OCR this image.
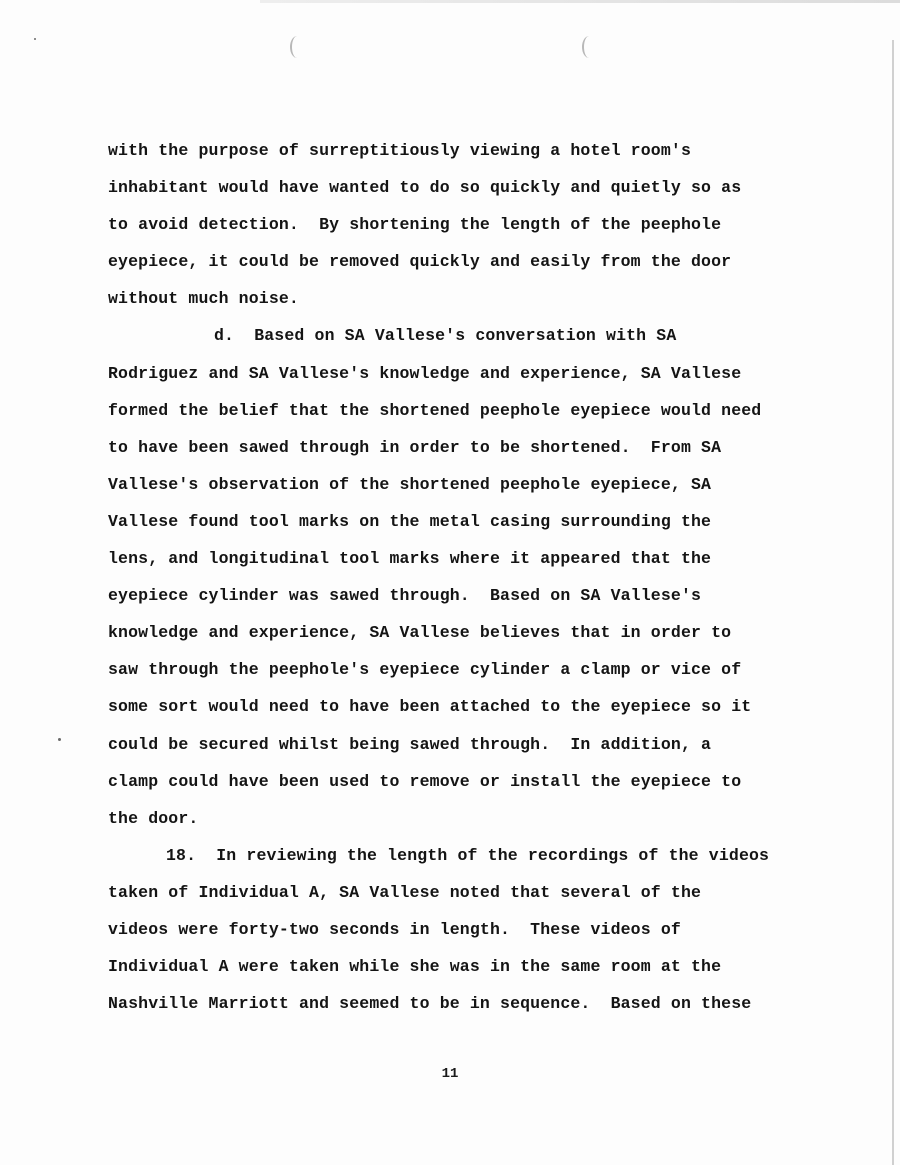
with the purpose of surreptitiously viewing a hotel room's
inhabitant would have wanted to do so quickly and quietly so as
to avoid detection.  By shortening the length of the peephole
eyepiece, it could be removed quickly and easily from the door
without much noise.
d.  Based on SA Vallese's conversation with SA
Rodriguez and SA Vallese's knowledge and experience, SA Vallese
formed the belief that the shortened peephole eyepiece would need
to have been sawed through in order to be shortened.  From SA
Vallese's observation of the shortened peephole eyepiece, SA
Vallese found tool marks on the metal casing surrounding the
lens, and longitudinal tool marks where it appeared that the
eyepiece cylinder was sawed through.  Based on SA Vallese's
knowledge and experience, SA Vallese believes that in order to
saw through the peephole's eyepiece cylinder a clamp or vice of
some sort would need to have been attached to the eyepiece so it
could be secured whilst being sawed through.  In addition, a
clamp could have been used to remove or install the eyepiece to
the door.
18.  In reviewing the length of the recordings of the videos
taken of Individual A, SA Vallese noted that several of the
videos were forty-two seconds in length.  These videos of
Individual A were taken while she was in the same room at the
Nashville Marriott and seemed to be in sequence.  Based on these
11
